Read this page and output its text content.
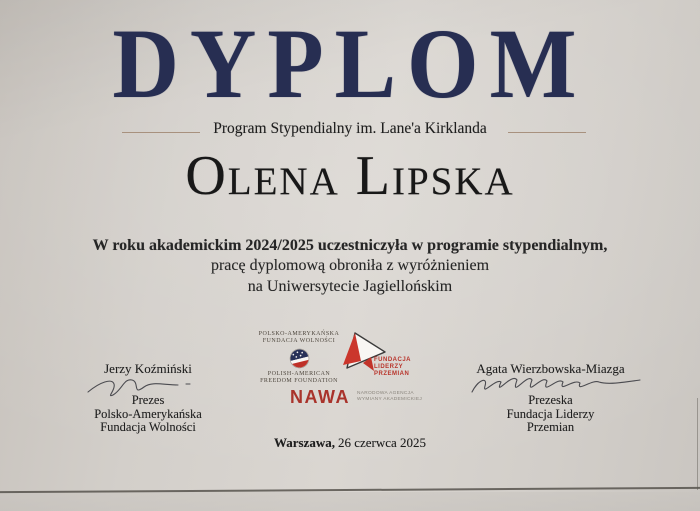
DYPLOM
Program Stypendialny im. Lane'a Kirklanda
Olena Lipska

W roku akademickim 2024/2025 uczestniczyła w programie stypendialnym,
pracę dyplomową obroniła z wyróżnieniem
na Uniwersytecie Jagiellońskim

POLSKO-AMERYKAŃSKA
FUNDACJA WOLNOŚCI
POLISH-AMERICAN
FREEDOM FOUNDATION
FUNDACJA
LIDERZY
PRZEMIAN
NAWA NARODOWA AGENCJA
WYMIANY AKADEMICKIEJ
Jerzy Koźmiński
Prezes
Polsko-Amerykańska
Fundacja Wolności
Agata Wierzbowska-Miazga
Prezeska
Fundacja Liderzy
Przemian
Warszawa, 26 czerwca 2025
